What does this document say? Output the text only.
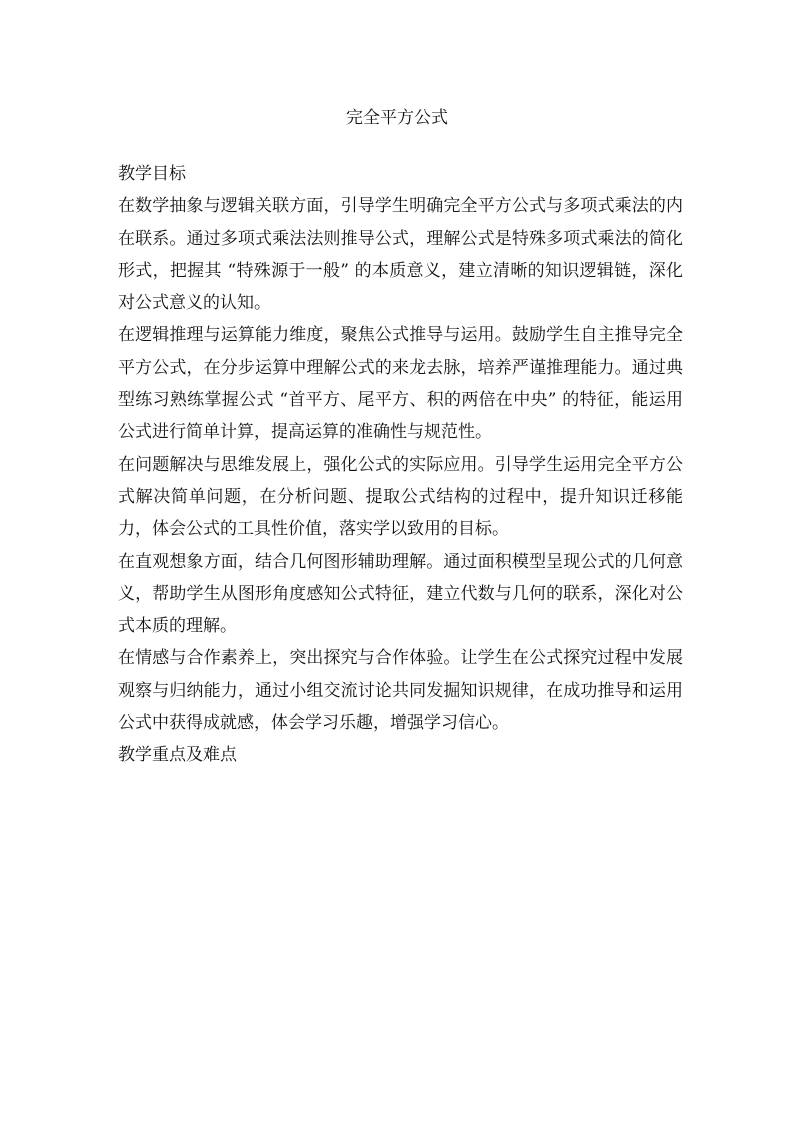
完全平方公式
教学目标

在数学抽象与逻辑关联方面，引导学生明确完全平方公式与多项式乘法的内在联系。通过多项式乘法法则推导公式，理解公式是特殊多项式乘法的简化形式，把握其 “特殊源于一般” 的本质意义，建立清晰的知识逻辑链，深化对公式意义的认知。

在逻辑推理与运算能力维度，聚焦公式推导与运用。鼓励学生自主推导完全平方公式，在分步运算中理解公式的来龙去脉，培养严谨推理能力。通过典型练习熟练掌握公式 “首平方、尾平方、积的两倍在中央” 的特征，能运用公式进行简单计算，提高运算的准确性与规范性。

在问题解决与思维发展上，强化公式的实际应用。引导学生运用完全平方公式解决简单问题，在分析问题、提取公式结构的过程中，提升知识迁移能力，体会公式的工具性价值，落实学以致用的目标。

在直观想象方面，结合几何图形辅助理解。通过面积模型呈现公式的几何意义，帮助学生从图形角度感知公式特征，建立代数与几何的联系，深化对公式本质的理解。

在情感与合作素养上，突出探究与合作体验。让学生在公式探究过程中发展观察与归纳能力，通过小组交流讨论共同发掘知识规律，在成功推导和运用公式中获得成就感，体会学习乐趣，增强学习信心。

教学重点及难点
